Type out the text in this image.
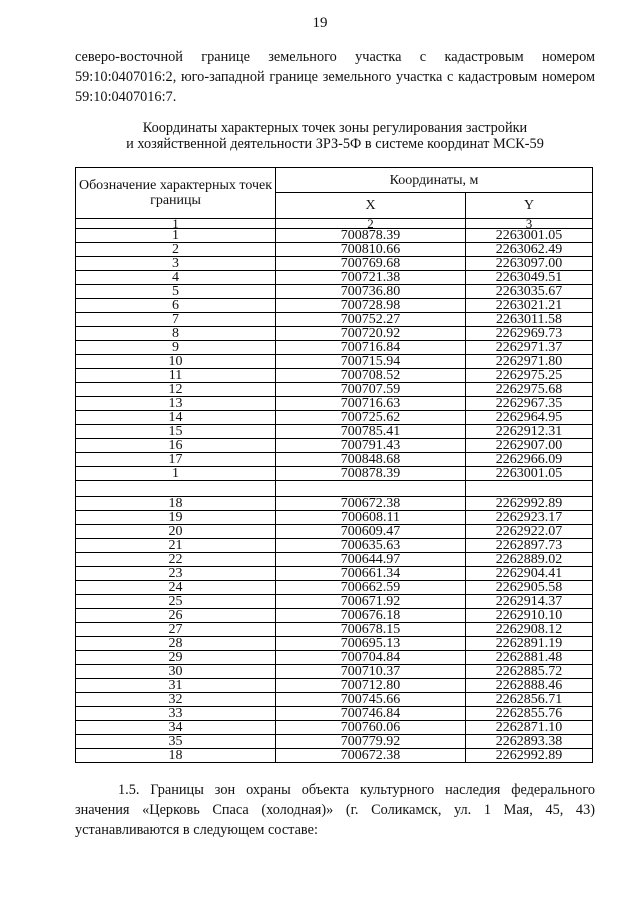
19

северо-восточной границе земельного участка с кадастровым номером 59:10:0407016:2, юго-западной границе земельного участка с кадастровым номером 59:10:0407016:7.

Координаты характерных точек зоны регулирования застройки
и хозяйственной деятельности ЗРЗ-5Ф в системе координат МСК-59
Обозначение характерных точек границы	Координаты, м	
	X	Y
1	2	3
1	700878.39	2263001.05
2	700810.66	2263062.49
3	700769.68	2263097.00
4	700721.38	2263049.51
5	700736.80	2263035.67
6	700728.98	2263021.21
7	700752.27	2263011.58
8	700720.92	2262969.73
9	700716.84	2262971.37
10	700715.94	2262971.80
11	700708.52	2262975.25
12	700707.59	2262975.68
13	700716.63	2262967.35
14	700725.62	2262964.95
15	700785.41	2262912.31
16	700791.43	2262907.00
17	700848.68	2262966.09
1	700878.39	2263001.05

18	700672.38	2262992.89
19	700608.11	2262923.17
20	700609.47	2262922.07
21	700635.63	2262897.73
22	700644.97	2262889.02
23	700661.34	2262904.41
24	700662.59	2262905.58
25	700671.92	2262914.37
26	700676.18	2262910.10
27	700678.15	2262908.12
28	700695.13	2262891.19
29	700704.84	2262881.48
30	700710.37	2262885.72
31	700712.80	2262888.46
32	700745.66	2262856.71
33	700746.84	2262855.76
34	700760.06	2262871.10
35	700779.92	2262893.38
18	700672.38	2262992.89

1.5. Границы зон охраны объекта культурного наследия федерального значения «Церковь Спаса (холодная)» (г. Соликамск, ул. 1 Мая, 45, 43) устанавливаются в следующем составе:
